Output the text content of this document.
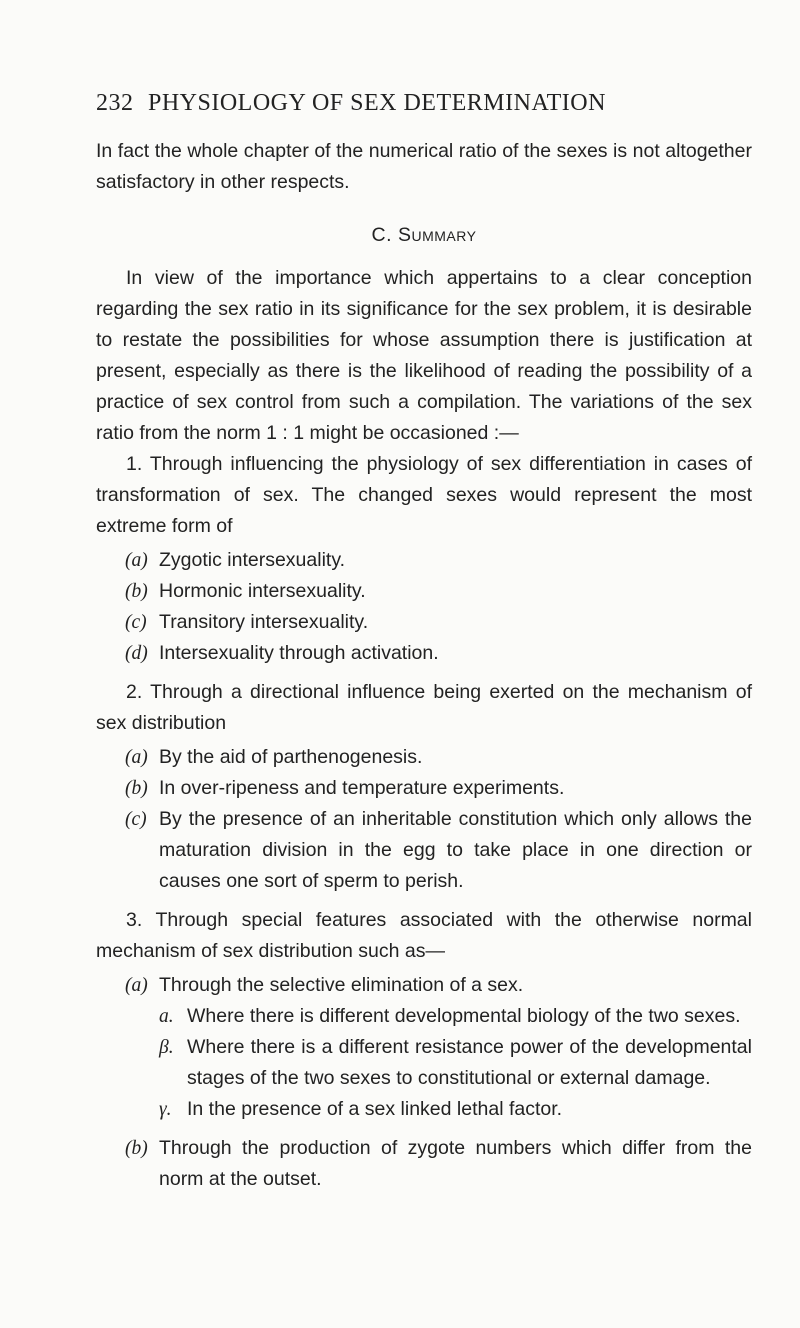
232 PHYSIOLOGY OF SEX DETERMINATION

In fact the whole chapter of the numerical ratio of the sexes is not altogether satisfactory in other respects.

C. Summary

In view of the importance which appertains to a clear conception regarding the sex ratio in its significance for the sex problem, it is desirable to restate the possibilities for whose assumption there is justification at present, especially as there is the likelihood of reading the possibility of a practice of sex control from such a compilation. The variations of the sex ratio from the norm 1 : 1 might be occasioned :—

1. Through influencing the physiology of sex differentiation in cases of transformation of sex. The changed sexes would represent the most extreme form of

(a) Zygotic intersexuality.

(b) Hormonic intersexuality.

(c) Transitory intersexuality.

(d) Intersexuality through activation.

2. Through a directional influence being exerted on the mechanism of sex distribution

(a) By the aid of parthenogenesis.

(b) In over-ripeness and temperature experiments.

(c) By the presence of an inheritable constitution which only allows the maturation division in the egg to take place in one direction or causes one sort of sperm to perish.

3. Through special features associated with the otherwise normal mechanism of sex distribution such as—

(a) Through the selective elimination of a sex.

a. Where there is different developmental biology of the two sexes.

β. Where there is a different resistance power of the developmental stages of the two sexes to constitutional or external damage.

γ. In the presence of a sex linked lethal factor.

(b) Through the production of zygote numbers which differ from the norm at the outset.
